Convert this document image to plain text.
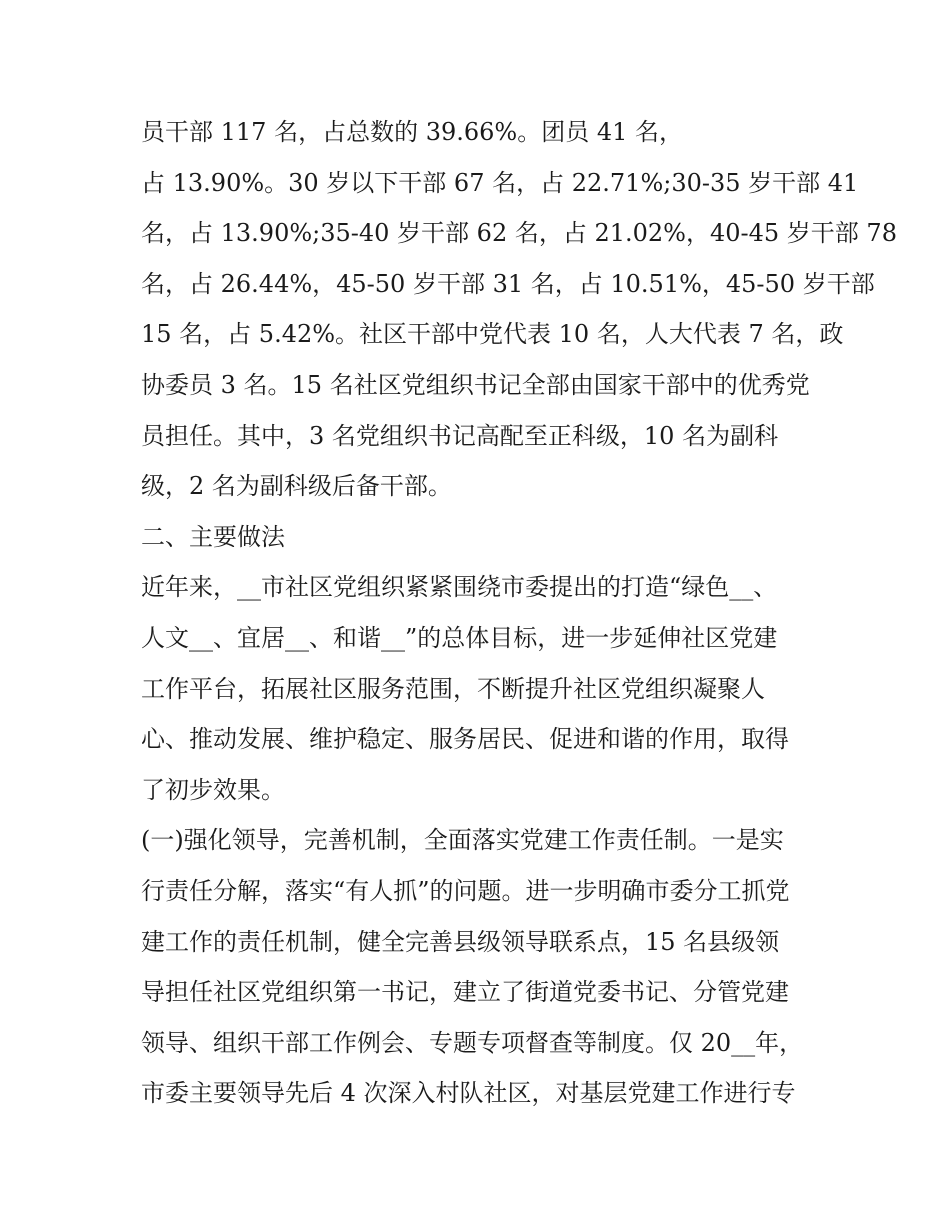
员干部 117 名，占总数的 39.66%。团员 41 名，
占 13.90%。30 岁以下干部 67 名，占 22.71%;30-35 岁干部 41
名，占 13.90%;35-40 岁干部 62 名，占 21.02%，40-45 岁干部 78
名，占 26.44%，45-50 岁干部 31 名，占 10.51%，45-50 岁干部
15 名，占 5.42%。社区干部中党代表 10 名，人大代表 7 名，政
协委员 3 名。15 名社区党组织书记全部由国家干部中的优秀党
员担任。其中，3 名党组织书记高配至正科级，10 名为副科
级，2 名为副科级后备干部。
二、主要做法
近年来，__市社区党组织紧紧围绕市委提出的打造“绿色__、
人文__、宜居__、和谐__”的总体目标，进一步延伸社区党建
工作平台，拓展社区服务范围，不断提升社区党组织凝聚人
心、推动发展、维护稳定、服务居民、促进和谐的作用，取得
了初步效果。
(一)强化领导，完善机制，全面落实党建工作责任制。一是实
行责任分解，落实“有人抓”的问题。进一步明确市委分工抓党
建工作的责任机制，健全完善县级领导联系点，15 名县级领
导担任社区党组织第一书记，建立了街道党委书记、分管党建
领导、组织干部工作例会、专题专项督查等制度。仅 20__年，
市委主要领导先后 4 次深入村队社区，对基层党建工作进行专
